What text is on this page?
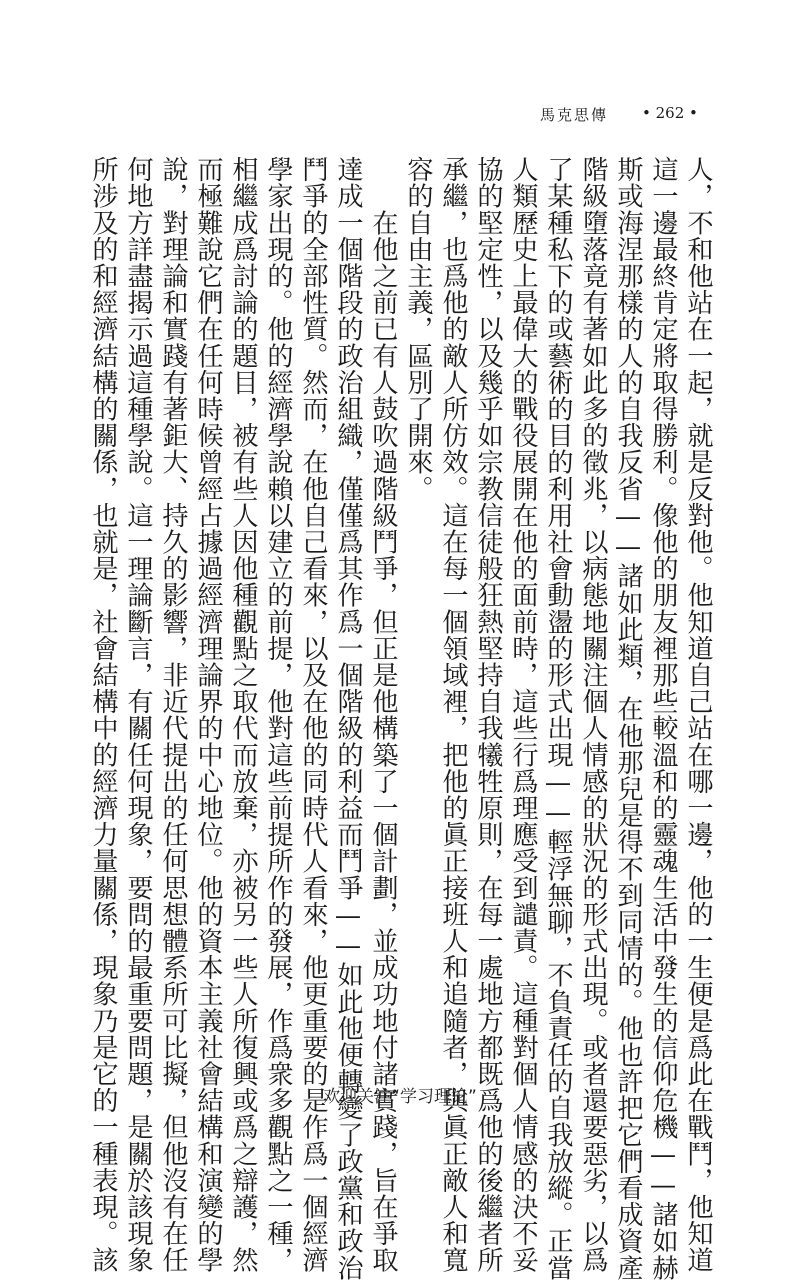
馬克思傳 • 262 •
人，不和他站在一起，就是反對他。他知道自己站在哪一邊，他的一生便是爲此在戰鬥，他知道
這一邊最終肯定將取得勝利。像他的朋友裡那些較溫和的靈魂生活中發生的信仰危機——諸如赫
斯或海涅那樣的人的自我反省——諸如此類，在他那兒是得不到同情的。他也許把它們看成資產
階級墮落竟有著如此多的徵兆，以病態地關注個人情感的狀況的形式出現。或者還要惡劣，以爲
了某種私下的或藝術的目的利用社會動盪的形式出現——輕浮無聊，不負責任的自我放縱。正當
人類歷史上最偉大的戰役展開在他的面前時，這些行爲理應受到譴責。這種對個人情感的決不妥
協的堅定性，以及幾乎如宗教信徒般狂熱堅持自我犧牲原則，在每一處地方都既爲他的後繼者所
承繼，也爲他的敵人所仿效。這在每一個領域裡，把他的眞正接班人和追隨者，與眞正敵人和寬
容的自由主義，區別了開來。
　　在他之前已有人鼓吹過階級鬥爭，但正是他構築了一個計劃，並成功地付諸實踐，旨在爭取
達成一個階段的政治組織，僅僅爲其作爲一個階級的利益而鬥爭——如此他便轉變了政黨和政治
鬥爭的全部性質。然而，在他自己看來，以及在他的同時代人看來，他更重要的是作爲一個經濟
學家出現的。他的經濟學說賴以建立的前提，他對這些前提所作的發展，作爲衆多觀點之一種，
相繼成爲討論的題目，被有些人因他種觀點之取代而放棄，亦被另一些人所復興或爲之辯護，然
而極難說它們在任何時候曾經占據過經濟理論界的中心地位。他的資本主義社會結構和演變的學
說，對理論和實踐有著鉅大、持久的影響，非近代提出的任何思想體系所可比擬，但他沒有在任
何地方詳盡揭示過這種學說。這一理論斷言，有關任何現象，要問的最重要問題，是關於該現象
所涉及的和經濟結構的關係，也就是，社會結構中的經濟力量關係，現象乃是它的一種表現。該	欢迎关注“学习理论”
